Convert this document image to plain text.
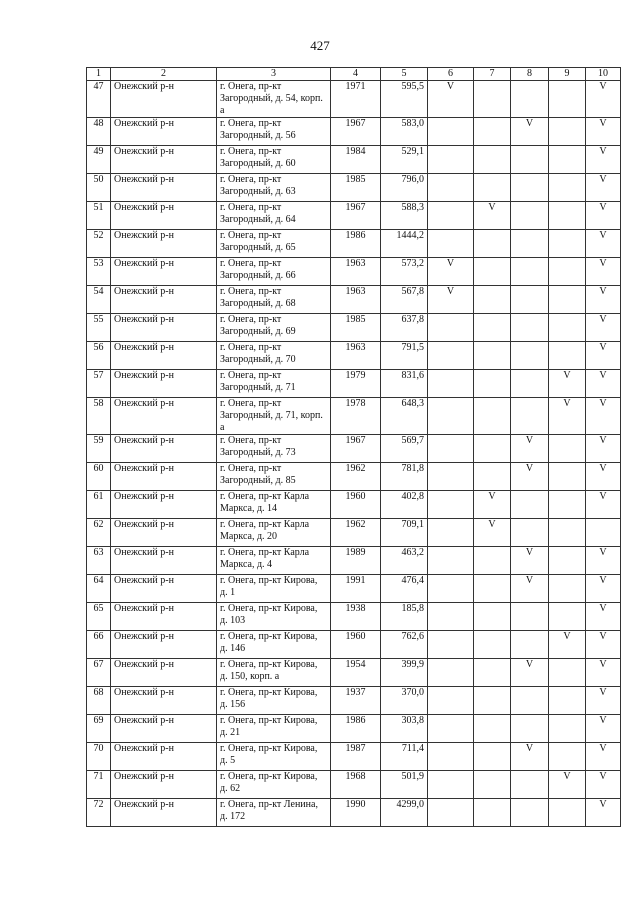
427
1	2	3	4	5	6	7	8	9	10
47	Онежский р-н	г. Онега, пр-кт Загородный, д. 54, корп. а	1971	595,5	V				V
48	Онежский р-н	г. Онега, пр-кт Загородный, д. 56	1967	583,0			V		V
49	Онежский р-н	г. Онега, пр-кт Загородный, д. 60	1984	529,1					V
50	Онежский р-н	г. Онега, пр-кт Загородный, д. 63	1985	796,0					V
51	Онежский р-н	г. Онега, пр-кт Загородный, д. 64	1967	588,3		V			V
52	Онежский р-н	г. Онега, пр-кт Загородный, д. 65	1986	1444,2					V
53	Онежский р-н	г. Онега, пр-кт Загородный, д. 66	1963	573,2	V				V
54	Онежский р-н	г. Онега, пр-кт Загородный, д. 68	1963	567,8	V				V
55	Онежский р-н	г. Онега, пр-кт Загородный, д. 69	1985	637,8					V
56	Онежский р-н	г. Онега, пр-кт Загородный, д. 70	1963	791,5					V
57	Онежский р-н	г. Онега, пр-кт Загородный, д. 71	1979	831,6				V	V
58	Онежский р-н	г. Онега, пр-кт Загородный, д. 71, корп. а	1978	648,3				V	V
59	Онежский р-н	г. Онега, пр-кт Загородный, д. 73	1967	569,7			V		V
60	Онежский р-н	г. Онега, пр-кт Загородный, д. 85	1962	781,8			V		V
61	Онежский р-н	г. Онега, пр-кт Карла Маркса, д. 14	1960	402,8		V			V
62	Онежский р-н	г. Онега, пр-кт Карла Маркса, д. 20	1962	709,1		V			
63	Онежский р-н	г. Онега, пр-кт Карла Маркса, д. 4	1989	463,2			V		V
64	Онежский р-н	г. Онега, пр-кт Кирова, д. 1	1991	476,4			V		V
65	Онежский р-н	г. Онега, пр-кт Кирова, д. 103	1938	185,8					V
66	Онежский р-н	г. Онега, пр-кт Кирова, д. 146	1960	762,6				V	V
67	Онежский р-н	г. Онега, пр-кт Кирова, д. 150, корп. а	1954	399,9			V		V
68	Онежский р-н	г. Онега, пр-кт Кирова, д. 156	1937	370,0					V
69	Онежский р-н	г. Онега, пр-кт Кирова, д. 21	1986	303,8					V
70	Онежский р-н	г. Онега, пр-кт Кирова, д. 5	1987	711,4			V		V
71	Онежский р-н	г. Онега, пр-кт Кирова, д. 62	1968	501,9				V	V
72	Онежский р-н	г. Онега, пр-кт Ленина, д. 172	1990	4299,0					V
